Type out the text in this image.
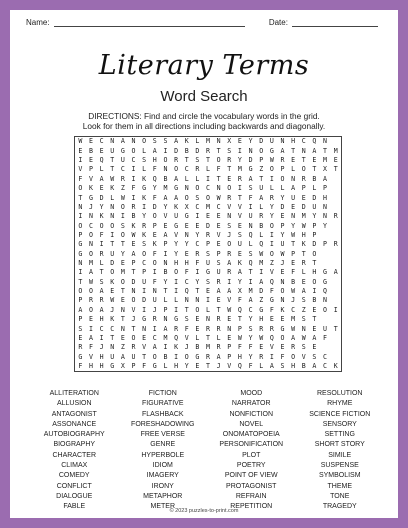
Name:	Date:
Literary Terms
Word Search
DIRECTIONS: Find and circle the vocabulary words in the grid.
Look for them in all directions including backwards and diagonally.
W E C N A N O S S A K L M N X E Y D U N H C Q N
E B E U G O L A I D B D R T S I N O G A T N A T M
I E Q T U C S H O R T S T O R Y D P W R E T E M E
V P L T C I L F N O C R L F T M G Z O P L O T X T
F V A W R I K Q B A L L I T E R A T I O N R B A
O K E K Z F G Y M G N O C N O I S U L L A P L P
T G D L W I K F A A O S O W R T F A R Y U E D H
N J Y N O R I D Y K X C M C V V I L Y D E D U N
I N K N I B Y O V U G I E E N V U R Y E N M Y N R
O C O O S K R P E G E E D E S E N B O P Y W P Y
P O F I O W K E A V N Y R V J S Q L I Y W H P
G N I T T E S K P Y Y C P E O U L Q I U T K D P R
G O R U Y A O F I Y E R S P R E S W O W P T O
N M L D E P C O N H H F U S A K Q M Z J E R T
I A T O M T P I B O F I G U R A T I V E F L H G A
T W S K O D U F Y I C Y S R I Y I A Q N B E O G
O O A E T N I N T I Q T E A A X M D F O W A I Q
P R R W E O D U L L N N I E V F A Z G N J S B N
A O A J N V I J P I T O L T W Q C G F K C Z E O I
P E H K T J G R N G S E N R E T Y H E E M S T
S I C C N T N I A R F E R R N P S R R G W N E U T
E A I T E O E C M Q V L T L E W Y W Q O A W A F
R F J N Z R V A I K J B M R P F F E V E R S E
G V H U A U T O B I O G R A P H Y R I F O V S C
F H H G X P F G L H Y E T J V Q F L A S H B A C K
ALLITERATION	FICTION	MOOD	RESOLUTION
ALLUSION	FIGURATIVE	NARRATOR	RHYME
ANTAGONIST	FLASHBACK	NONFICTION	SCIENCE FICTION
ASSONANCE	FORESHADOWING	NOVEL	SENSORY
AUTOBIOGRAPHY	FREE VERSE	ONOMATOPOEIA	SETTING
BIOGRAPHY	GENRE	PERSONIFICATION	SHORT STORY
CHARACTER	HYPERBOLE	PLOT	SIMILE
CLIMAX	IDIOM	POETRY	SUSPENSE
COMEDY	IMAGERY	POINT OF VIEW	SYMBOLISM
CONFLICT	IRONY	PROTAGONIST	THEME
DIALOGUE	METAPHOR	REFRAIN	TONE
FABLE	METER	REPETITION	TRAGEDY
© 2023 puzzles-to-print.com
